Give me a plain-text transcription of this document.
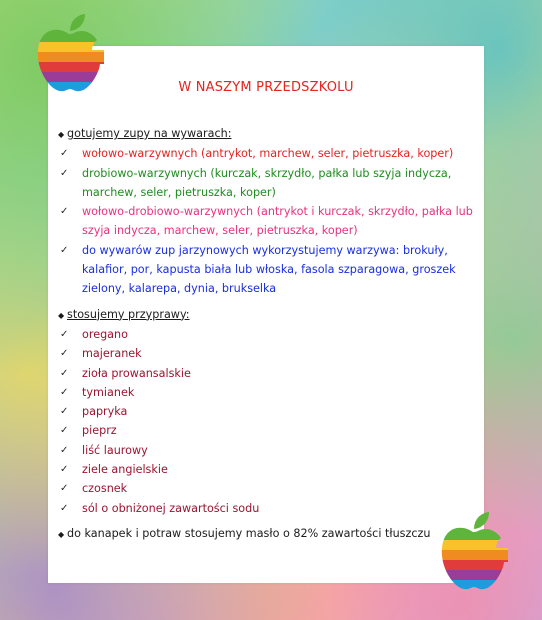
W NASZYM PRZEDSZKOLU
◆ gotujemy zupy na wywarach:
✓	wołowo-warzywnych (antrykot, marchew, seler, pietruszka, koper)
✓	drobiowo-warzywnych (kurczak, skrzydło, pałka lub szyja indycza, marchew, seler, pietruszka, koper)
✓	wołowo-drobiowo-warzywnych (antrykot i kurczak, skrzydło, pałka lub szyja indycza, marchew, seler, pietruszka, koper)
✓	do wywarów zup jarzynowych wykorzystujemy warzywa: brokuły, kalafior, por, kapusta biała lub włoska, fasola szparagowa, groszek zielony, kalarepa, dynia, brukselka
◆ stosujemy przyprawy:
✓	oregano
✓	majeranek
✓	zioła prowansalskie
✓	tymianek
✓	papryka
✓	pieprz
✓	liść laurowy
✓	ziele angielskie
✓	czosnek
✓	sól o obniżonej zawartości sodu
◆ do kanapek i potraw stosujemy masło o 82% zawartości tłuszczu
